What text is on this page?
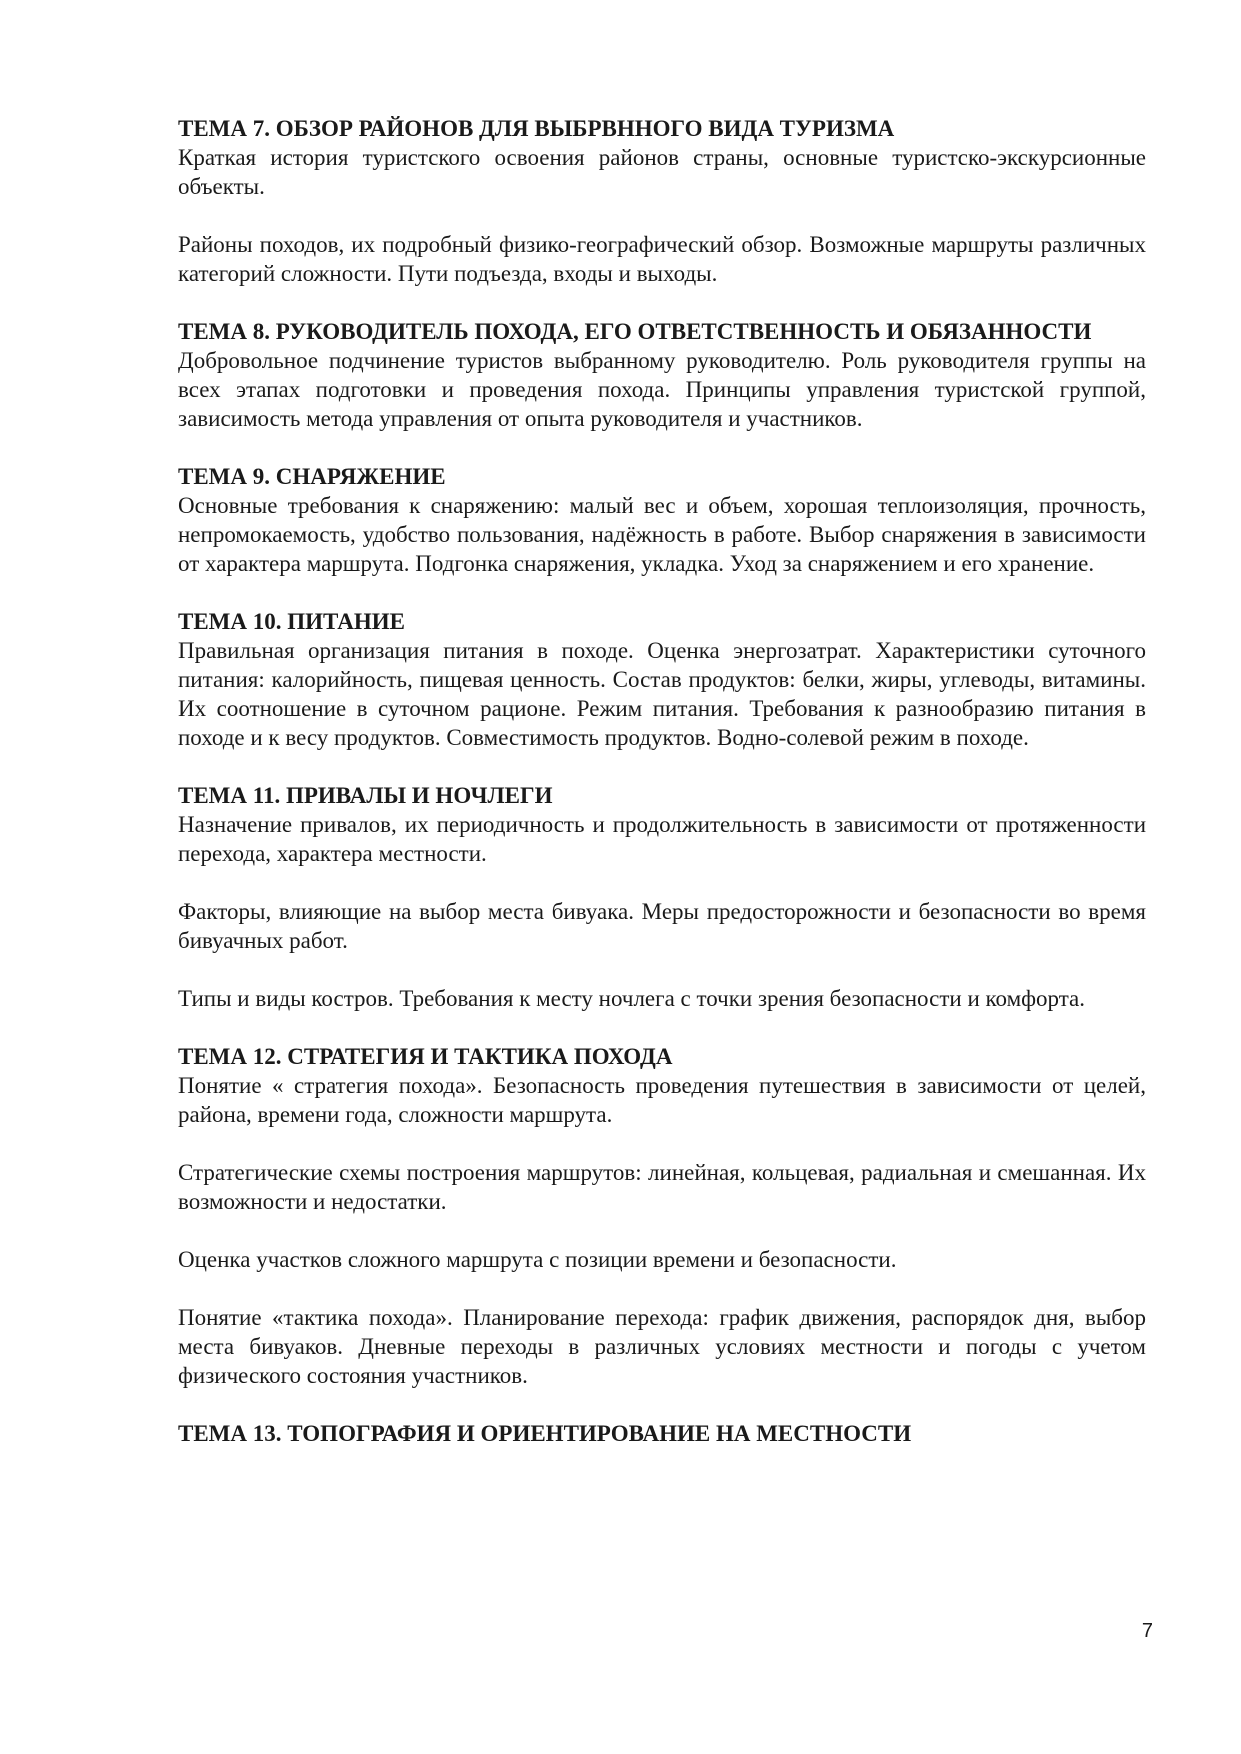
ТЕМА 7. ОБЗОР РАЙОНОВ ДЛЯ ВЫБРВННОГО ВИДА ТУРИЗМА

Краткая история туристского освоения районов страны, основные туристско-экскурсионные объекты.

Районы походов, их подробный физико-географический обзор. Возможные маршруты различных категорий сложности. Пути подъезда, входы и выходы.

ТЕМА 8. РУКОВОДИТЕЛЬ ПОХОДА, ЕГО ОТВЕТСТВЕННОСТЬ И ОБЯЗАННОСТИ

Добровольное подчинение туристов выбранному руководителю. Роль руководителя группы на всех этапах подготовки и проведения похода. Принципы управления туристской группой, зависимость метода управления от опыта руководителя и участников.

ТЕМА 9. СНАРЯЖЕНИЕ

Основные требования к снаряжению: малый вес и объем, хорошая теплоизоляция, прочность, непромокаемость, удобство пользования, надёжность в работе. Выбор снаряжения в зависимости от характера маршрута. Подгонка снаряжения, укладка. Уход за снаряжением и его хранение.

ТЕМА 10. ПИТАНИЕ

Правильная организация питания в походе. Оценка энергозатрат. Характеристики суточного питания: калорийность, пищевая ценность. Состав продуктов: белки, жиры, углеводы, витамины. Их соотношение в суточном рационе. Режим питания. Требования к разнообразию питания в походе и к весу продуктов. Совместимость продуктов. Водно-солевой режим в походе.

ТЕМА 11. ПРИВАЛЫ И НОЧЛЕГИ

Назначение привалов, их периодичность и продолжительность в зависимости от протяженности перехода, характера местности.

Факторы, влияющие на выбор места бивуака. Меры предосторожности и безопасности во время бивуачных работ.

Типы и виды костров. Требования к месту ночлега с точки зрения безопасности и комфорта.

ТЕМА 12. СТРАТЕГИЯ И ТАКТИКА ПОХОДА

Понятие « стратегия похода». Безопасность проведения путешествия в зависимости от целей, района, времени года, сложности маршрута.

Стратегические схемы построения маршрутов: линейная, кольцевая, радиальная и смешанная. Их возможности и недостатки.

Оценка участков сложного маршрута с позиции времени и безопасности.

Понятие «тактика похода». Планирование перехода: график движения, распорядок дня, выбор места бивуаков. Дневные переходы в различных условиях местности и погоды с учетом физического состояния участников.

ТЕМА 13. ТОПОГРАФИЯ И ОРИЕНТИРОВАНИЕ НА МЕСТНОСТИ
7
